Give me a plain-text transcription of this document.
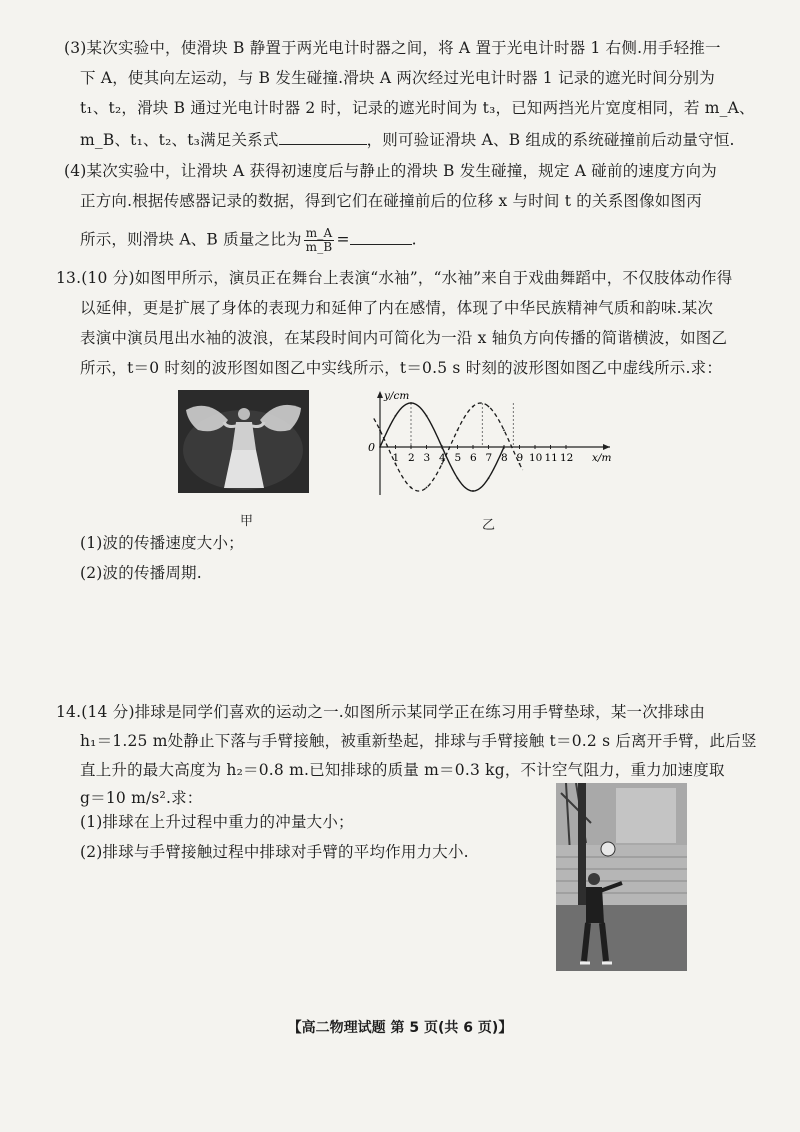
(3)某次实验中，使滑块 B 静置于两光电计时器之间，将 A 置于光电计时器 1 右侧.用手轻推一
下 A，使其向左运动，与 B 发生碰撞.滑块 A 两次经过光电计时器 1 记录的遮光时间分别为
t₁、t₂，滑块 B 通过光电计时器 2 时，记录的遮光时间为 t₃，已知两挡光片宽度相同，若 m_A、
m_B、t₁、t₂、t₃满足关系式	，则可验证滑块 A、B 组成的系统碰撞前后动量守恒.
(4)某次实验中，让滑块 A 获得初速度后与静止的滑块 B 发生碰撞，规定 A 碰前的速度方向为
正方向.根据传感器记录的数据，得到它们在碰撞前后的位移 x 与时间 t 的关系图像如图丙
所示，则滑块 A、B 质量之比为 $\frac{m\_A}{m\_B}$ =	.
13.(10 分)如图甲所示，演员正在舞台上表演“水袖”，“水袖”来自于戏曲舞蹈中，不仅肢体动作得
以延伸，更是扩展了身体的表现力和延伸了内在感情，体现了中华民族精神气质和韵味.某次
表演中演员甩出水袖的波浪，在某段时间内可简化为一沿 x 轴负方向传播的简谐横波，如图乙
所示，t＝0 时刻的波形图如图乙中实线所示，t＝0.5 s 时刻的波形图如图乙中虚线所示.求：
甲
y/cm
0
x/m
1 2 3 4 5 6 7 8 9 10 11 12
乙
(1)波的传播速度大小；
(2)波的传播周期.
14.(14 分)排球是同学们喜欢的运动之一.如图所示某同学正在练习用手臂垫球，某一次排球由
h₁＝1.25 m处静止下落与手臂接触，被重新垫起，排球与手臂接触 t＝0.2 s 后离开手臂，此后竖
直上升的最大高度为 h₂＝0.8 m.已知排球的质量 m＝0.3 kg，不计空气阻力，重力加速度取
g＝10 m/s².求：
(1)排球在上升过程中重力的冲量大小；
(2)排球与手臂接触过程中排球对手臂的平均作用力大小.
【高二物理试题 第 5 页(共 6 页)】
